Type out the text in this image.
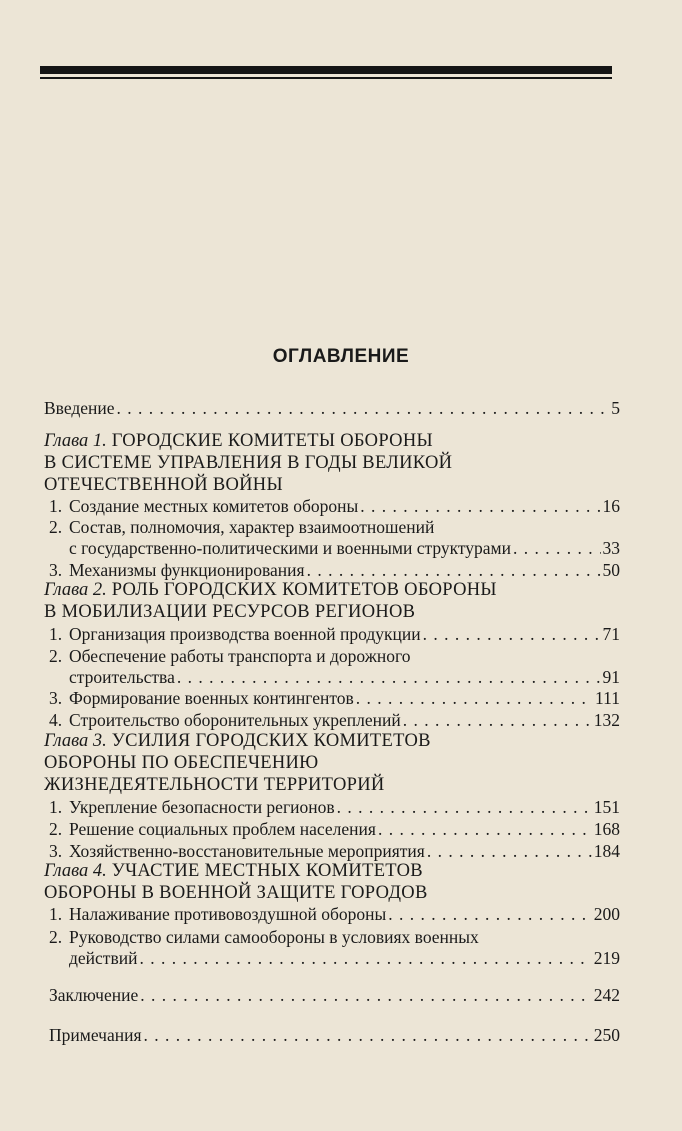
ОГЛАВЛЕНИЕ
Введение . . .	5
Глава 1. ГОРОДСКИЕ КОМИТЕТЫ ОБОРОНЫ
В СИСТЕМЕ УПРАВЛЕНИЯ В ГОДЫ ВЕЛИКОЙ
ОТЕЧЕСТВЕННОЙ ВОЙНЫ
1. Создание местных комитетов обороны . . .	16
2. Состав, полномочия, характер взаимоотношений
с государственно-политическими и военными структурами . . .	33
3. Механизмы функционирования . . .	50
Глава 2. РОЛЬ ГОРОДСКИХ КОМИТЕТОВ ОБОРОНЫ
В МОБИЛИЗАЦИИ РЕСУРСОВ РЕГИОНОВ
1. Организация производства военной продукции . . .	71
2. Обеспечение работы транспорта и дорожного
строительства . . .	91
3. Формирование военных контингентов . . .	111
4. Строительство оборонительных укреплений . . .	132
Глава 3. УСИЛИЯ ГОРОДСКИХ КОМИТЕТОВ
ОБОРОНЫ ПО ОБЕСПЕЧЕНИЮ
ЖИЗНЕДЕЯТЕЛЬНОСТИ ТЕРРИТОРИЙ
1. Укрепление безопасности регионов . . .	151
2. Решение социальных проблем населения . . .	168
3. Хозяйственно-восстановительные мероприятия . . .	184
Глава 4. УЧАСТИЕ МЕСТНЫХ КОМИТЕТОВ
ОБОРОНЫ В ВОЕННОЙ ЗАЩИТЕ ГОРОДОВ
1. Налаживание противовоздушной обороны . . .	200
2. Руководство силами самообороны в условиях военных
действий . . .	219
Заключение . . .	242
Примечания . . .	250
